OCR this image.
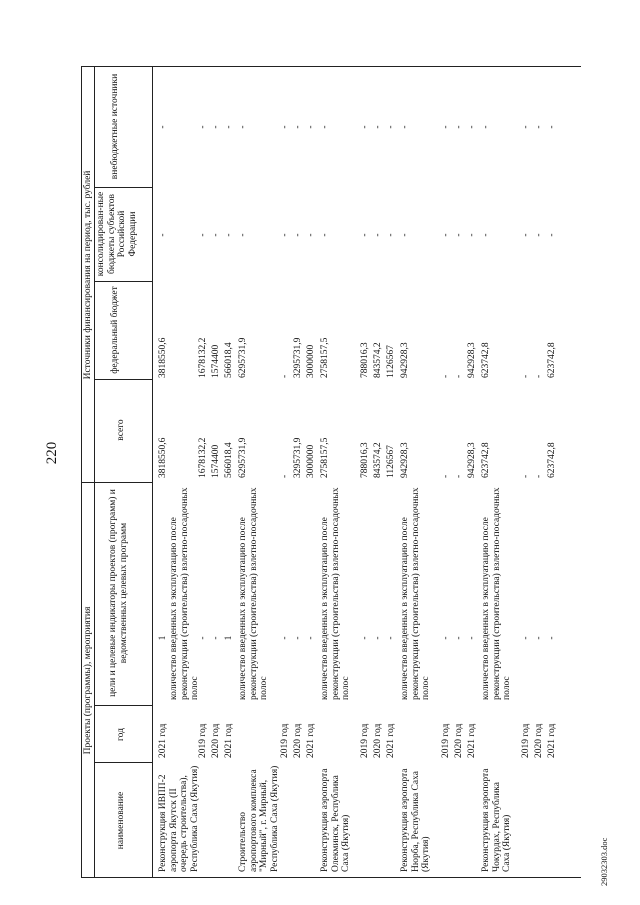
220
29032303.doc
Проекты (программы), мероприятия
Источники финансирования на период, тыс. рублей
наименование
год
цели и целевые индикаторы проектов (программ) и ведомственных целевых программ
всего
федеральный бюджет
консолидирован-ные бюджеты субъектов Российской Федерации
внебюджетные источники
Реконструкция ИВПП-2 аэропорта Якутск (II очередь строительства), Республика Саха (Якутия)
2021 год
количество введенных в эксплуатацию после реконструкции (строительства) взлетно-посадочных полос
1
3818550,6
3818550,6
-
-
2019 год
-
1678132,2
1678132,2
-
-
2020 год
-
1574400
1574400
-
-
2021 год
1
566018,4
566018,4
-
-
Строительство аэропортового комплекса "Мирный", г. Мирный, Республика Саха (Якутия)
количество введенных в эксплуатацию после реконструкции (строительства) взлетно-посадочных полос
6295731,9
6295731,9
-
-
2019 год
-
-
-
-
-
2020 год
-
3295731,9
3295731,9
-
-
2021 год
-
3000000
3000000
-
-
Реконструкция аэропорта Олекминск, Республика Саха (Якутия)
количество введенных в эксплуатацию после реконструкции (строительства) взлетно-посадочных полос
2758157,5
2758157,5
-
-
2019 год
-
788016,3
788016,3
-
-
2020 год
-
843574,2
843574,2
-
-
2021 год
-
1126567
1126567
-
-
Реконструкция аэропорта Нюрба, Республика Саха (Якутия)
количество введенных в эксплуатацию после реконструкции (строительства) взлетно-посадочных полос
942928,3
942928,3
-
-
2019 год
-
-
-
-
-
2020 год
-
-
-
-
-
2021 год
-
942928,3
942928,3
-
-
Реконструкция аэропорта Чокурдах, Республика Саха (Якутия)
количество введенных в эксплуатацию после реконструкции (строительства) взлетно-посадочных полос
623742,8
623742,8
-
-
2019 год
-
-
-
-
-
2020 год
-
-
-
-
-
2021 год
-
623742,8
623742,8
-
-
